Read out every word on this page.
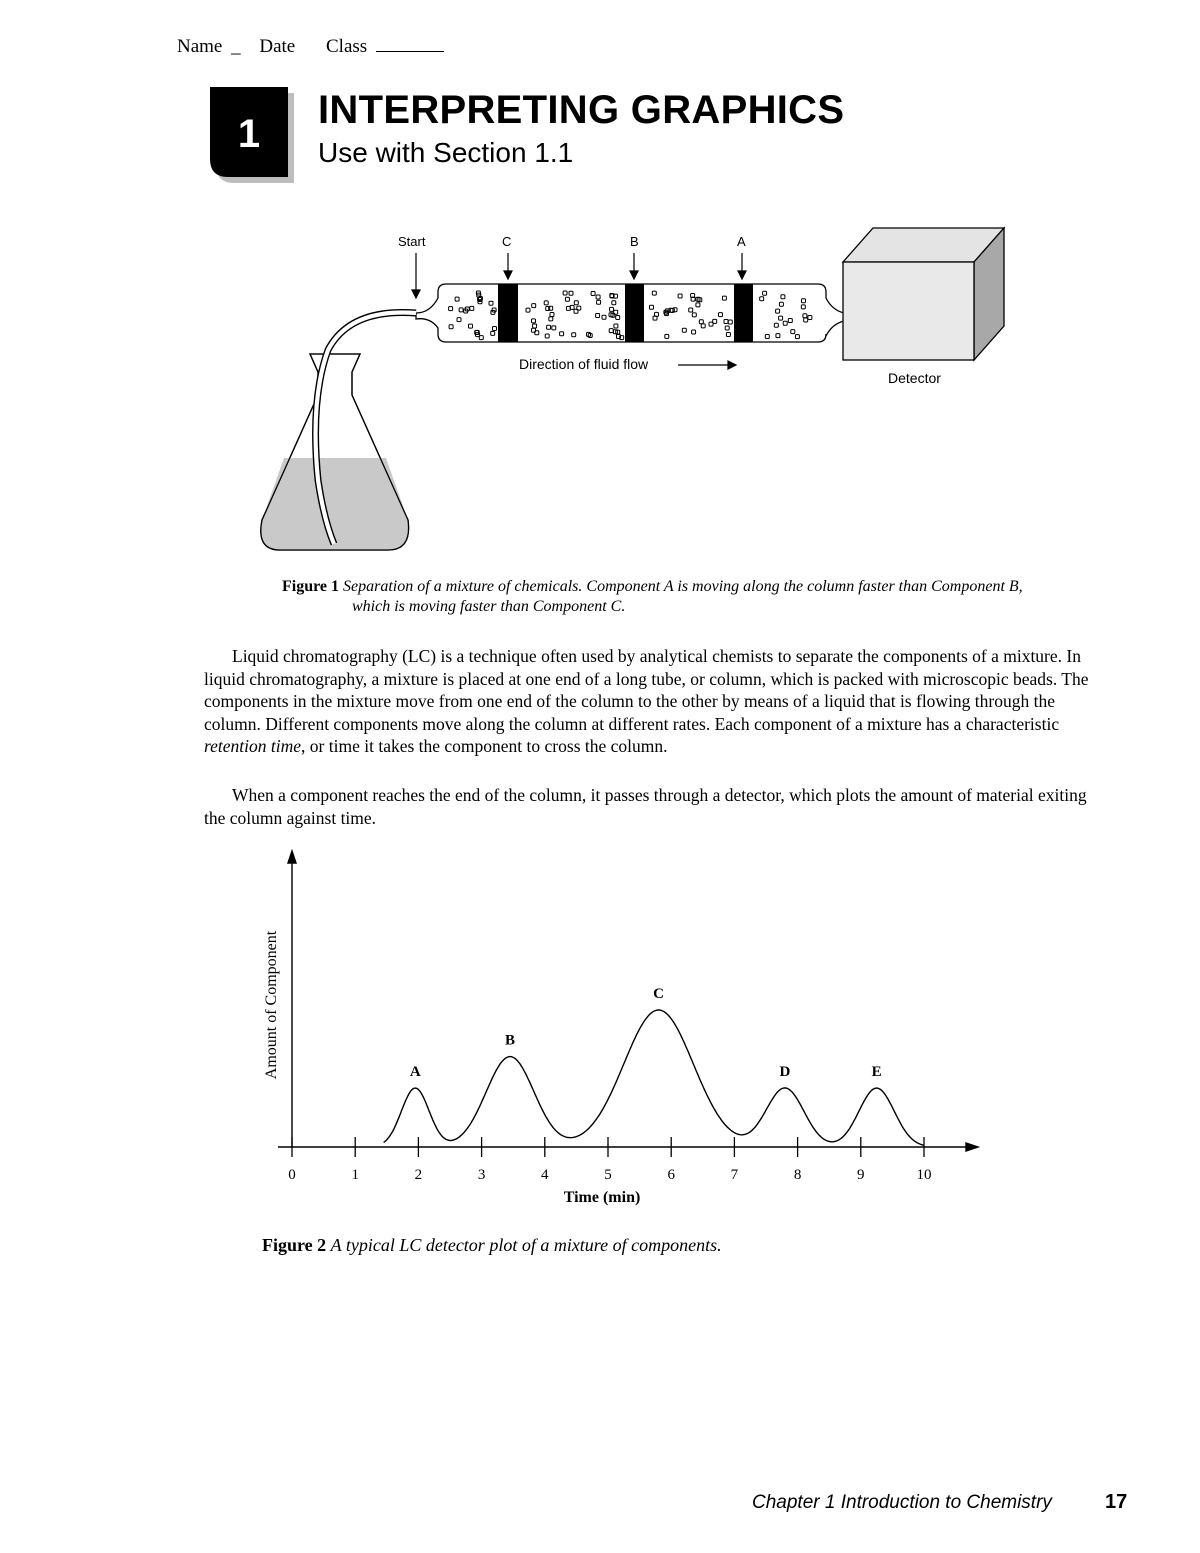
Name _ Date Class
1
INTERPRETING GRAPHICS
Use with Section 1.1
Start	C	B	A
Direction of fluid flow
Detector
Figure 1 Separation of a mixture of chemicals. Component A is moving along the column faster than Component B,
which is moving faster than Component C.
Liquid chromatography (LC) is a technique often used by analytical chemists to separate the components of a mixture. In liquid chromatography, a mixture is placed at one end of a long tube, or column, which is packed with microscopic beads. The components in the mixture move from one end of the column to the other by means of a liquid that is flowing through the column. Different components move along the column at different rates. Each component of a mixture has a characteristic retention time, or time it takes the component to cross the column.
When a component reaches the end of the column, it passes through a detector, which plots the amount of material exiting the column against time.
0	1	2	3	4	5	6	7	8	9	10
A
B
C
D	E
Amount of Component
Time (min)
Figure 2 A typical LC detector plot of a mixture of components.
Chapter 1 Introduction to Chemistry	17
